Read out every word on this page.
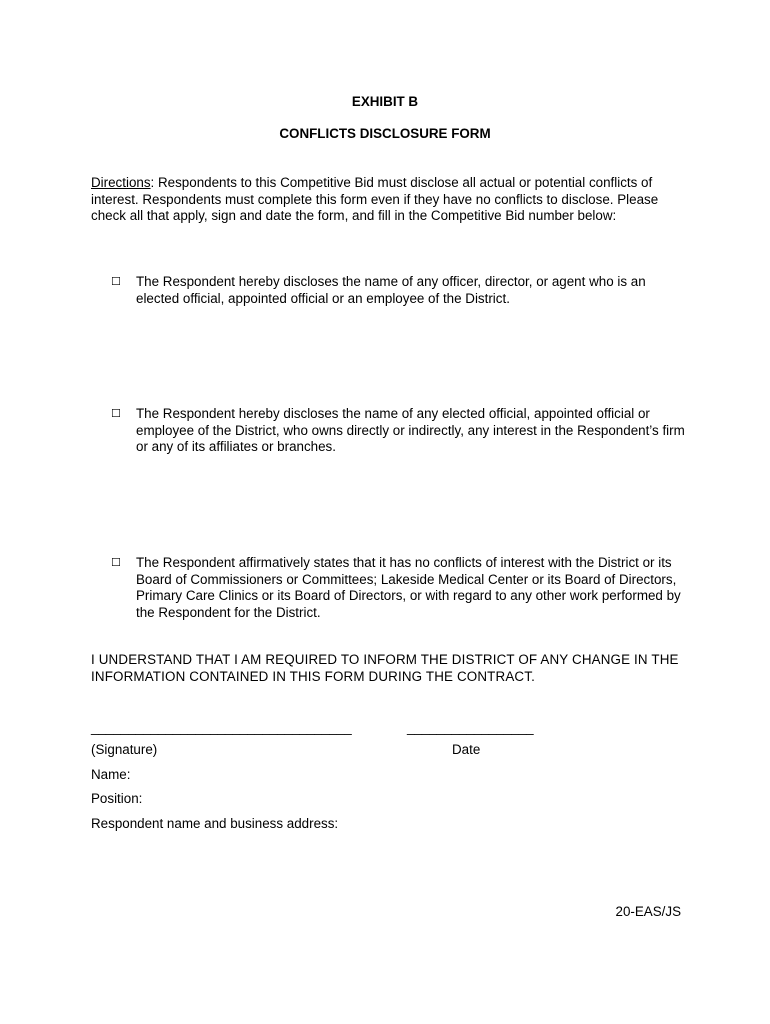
EXHIBIT B
CONFLICTS DISCLOSURE FORM
Directions: Respondents to this Competitive Bid must disclose all actual or potential conflicts of interest. Respondents must complete this form even if they have no conflicts to disclose. Please check all that apply, sign and date the form, and fill in the Competitive Bid number below:
☐	The Respondent hereby discloses the name of any officer, director, or agent who is an elected official, appointed official or an employee of the District.
☐	The Respondent hereby discloses the name of any elected official, appointed official or employee of the District, who owns directly or indirectly, any interest in the Respondent’s firm or any of its affiliates or branches.
☐	The Respondent affirmatively states that it has no conflicts of interest with the District or its Board of Commissioners or Committees; Lakeside Medical Center or its Board of Directors, Primary Care Clinics or its Board of Directors, or with regard to any other work performed by the Respondent for the District.
I UNDERSTAND THAT I AM REQUIRED TO INFORM THE DISTRICT OF ANY CHANGE IN THE INFORMATION CONTAINED IN THIS FORM DURING THE CONTRACT.
___________________________________	_________________
(Signature)	Date
Name:
Position:
Respondent name and business address:
20-EAS/JS
